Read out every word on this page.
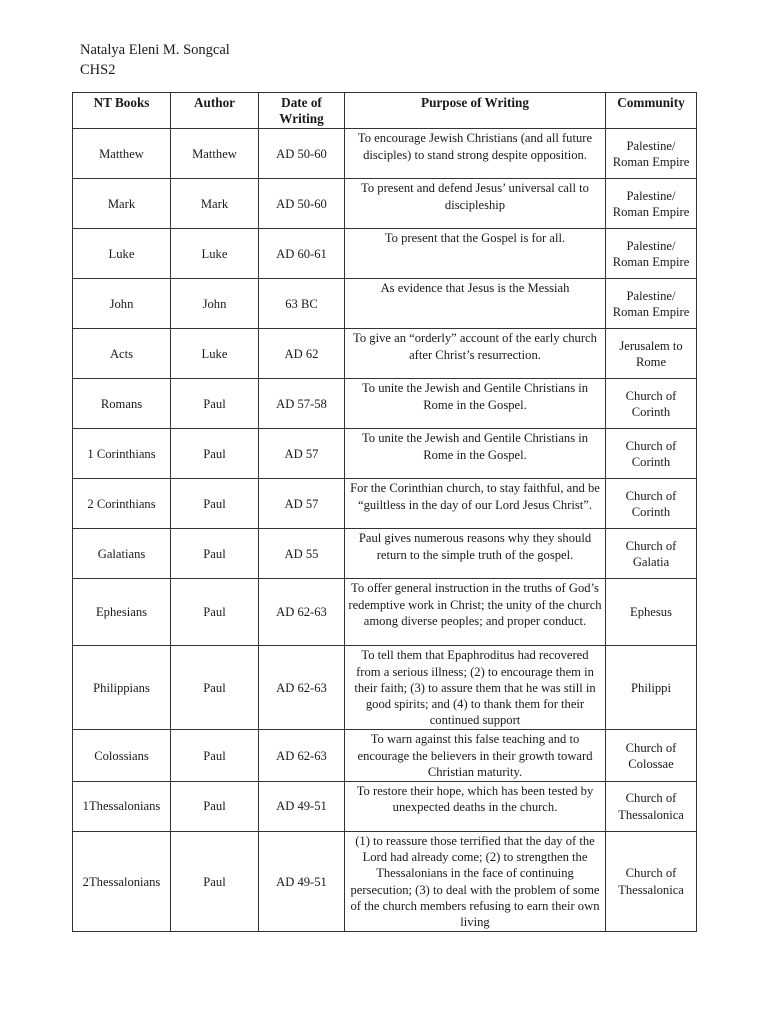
Natalya Eleni M. Songcal
CHS2
NT Books	Author	Date of Writing	Purpose of Writing	Community
Matthew	Matthew	AD 50-60	To encourage Jewish Christians (and all future disciples) to stand strong despite opposition.	Palestine/ Roman Empire
Mark	Mark	AD 50-60	To present and defend Jesus’ universal call to discipleship	Palestine/ Roman Empire
Luke	Luke	AD 60-61	To present that the Gospel is for all.	Palestine/ Roman Empire
John	John	63 BC	As evidence that Jesus is the Messiah	Palestine/ Roman Empire
Acts	Luke	AD 62	To give an “orderly” account of the early church after Christ’s resurrection.	Jerusalem to Rome
Romans	Paul	AD 57-58	To unite the Jewish and Gentile Christians in Rome in the Gospel.	Church of Corinth
1 Corinthians	Paul	AD 57	To unite the Jewish and Gentile Christians in Rome in the Gospel.	Church of Corinth
2 Corinthians	Paul	AD 57	For the Corinthian church, to stay faithful, and be “guiltless in the day of our Lord Jesus Christ”.	Church of Corinth
Galatians	Paul	AD 55	Paul gives numerous reasons why they should return to the simple truth of the gospel.	Church of Galatia
Ephesians	Paul	AD 62-63	To offer general instruction in the truths of God’s redemptive work in Christ; the unity of the church among diverse peoples; and proper conduct.	Ephesus
Philippians	Paul	AD 62-63	To tell them that Epaphroditus had recovered from a serious illness; (2) to encourage them in their faith; (3) to assure them that he was still in good spirits; and (4) to thank them for their continued support	Philippi
Colossians	Paul	AD 62-63	To warn against this false teaching and to encourage the believers in their growth toward Christian maturity.	Church of Colossae
1Thessalonians	Paul	AD 49-51	To restore their hope, which has been tested by unexpected deaths in the church.	Church of Thessalonica
2Thessalonians	Paul	AD 49-51	(1) to reassure those terrified that the day of the Lord had already come; (2) to strengthen the Thessalonians in the face of continuing persecution; (3) to deal with the problem of some of the church members refusing to earn their own living	Church of Thessalonica
